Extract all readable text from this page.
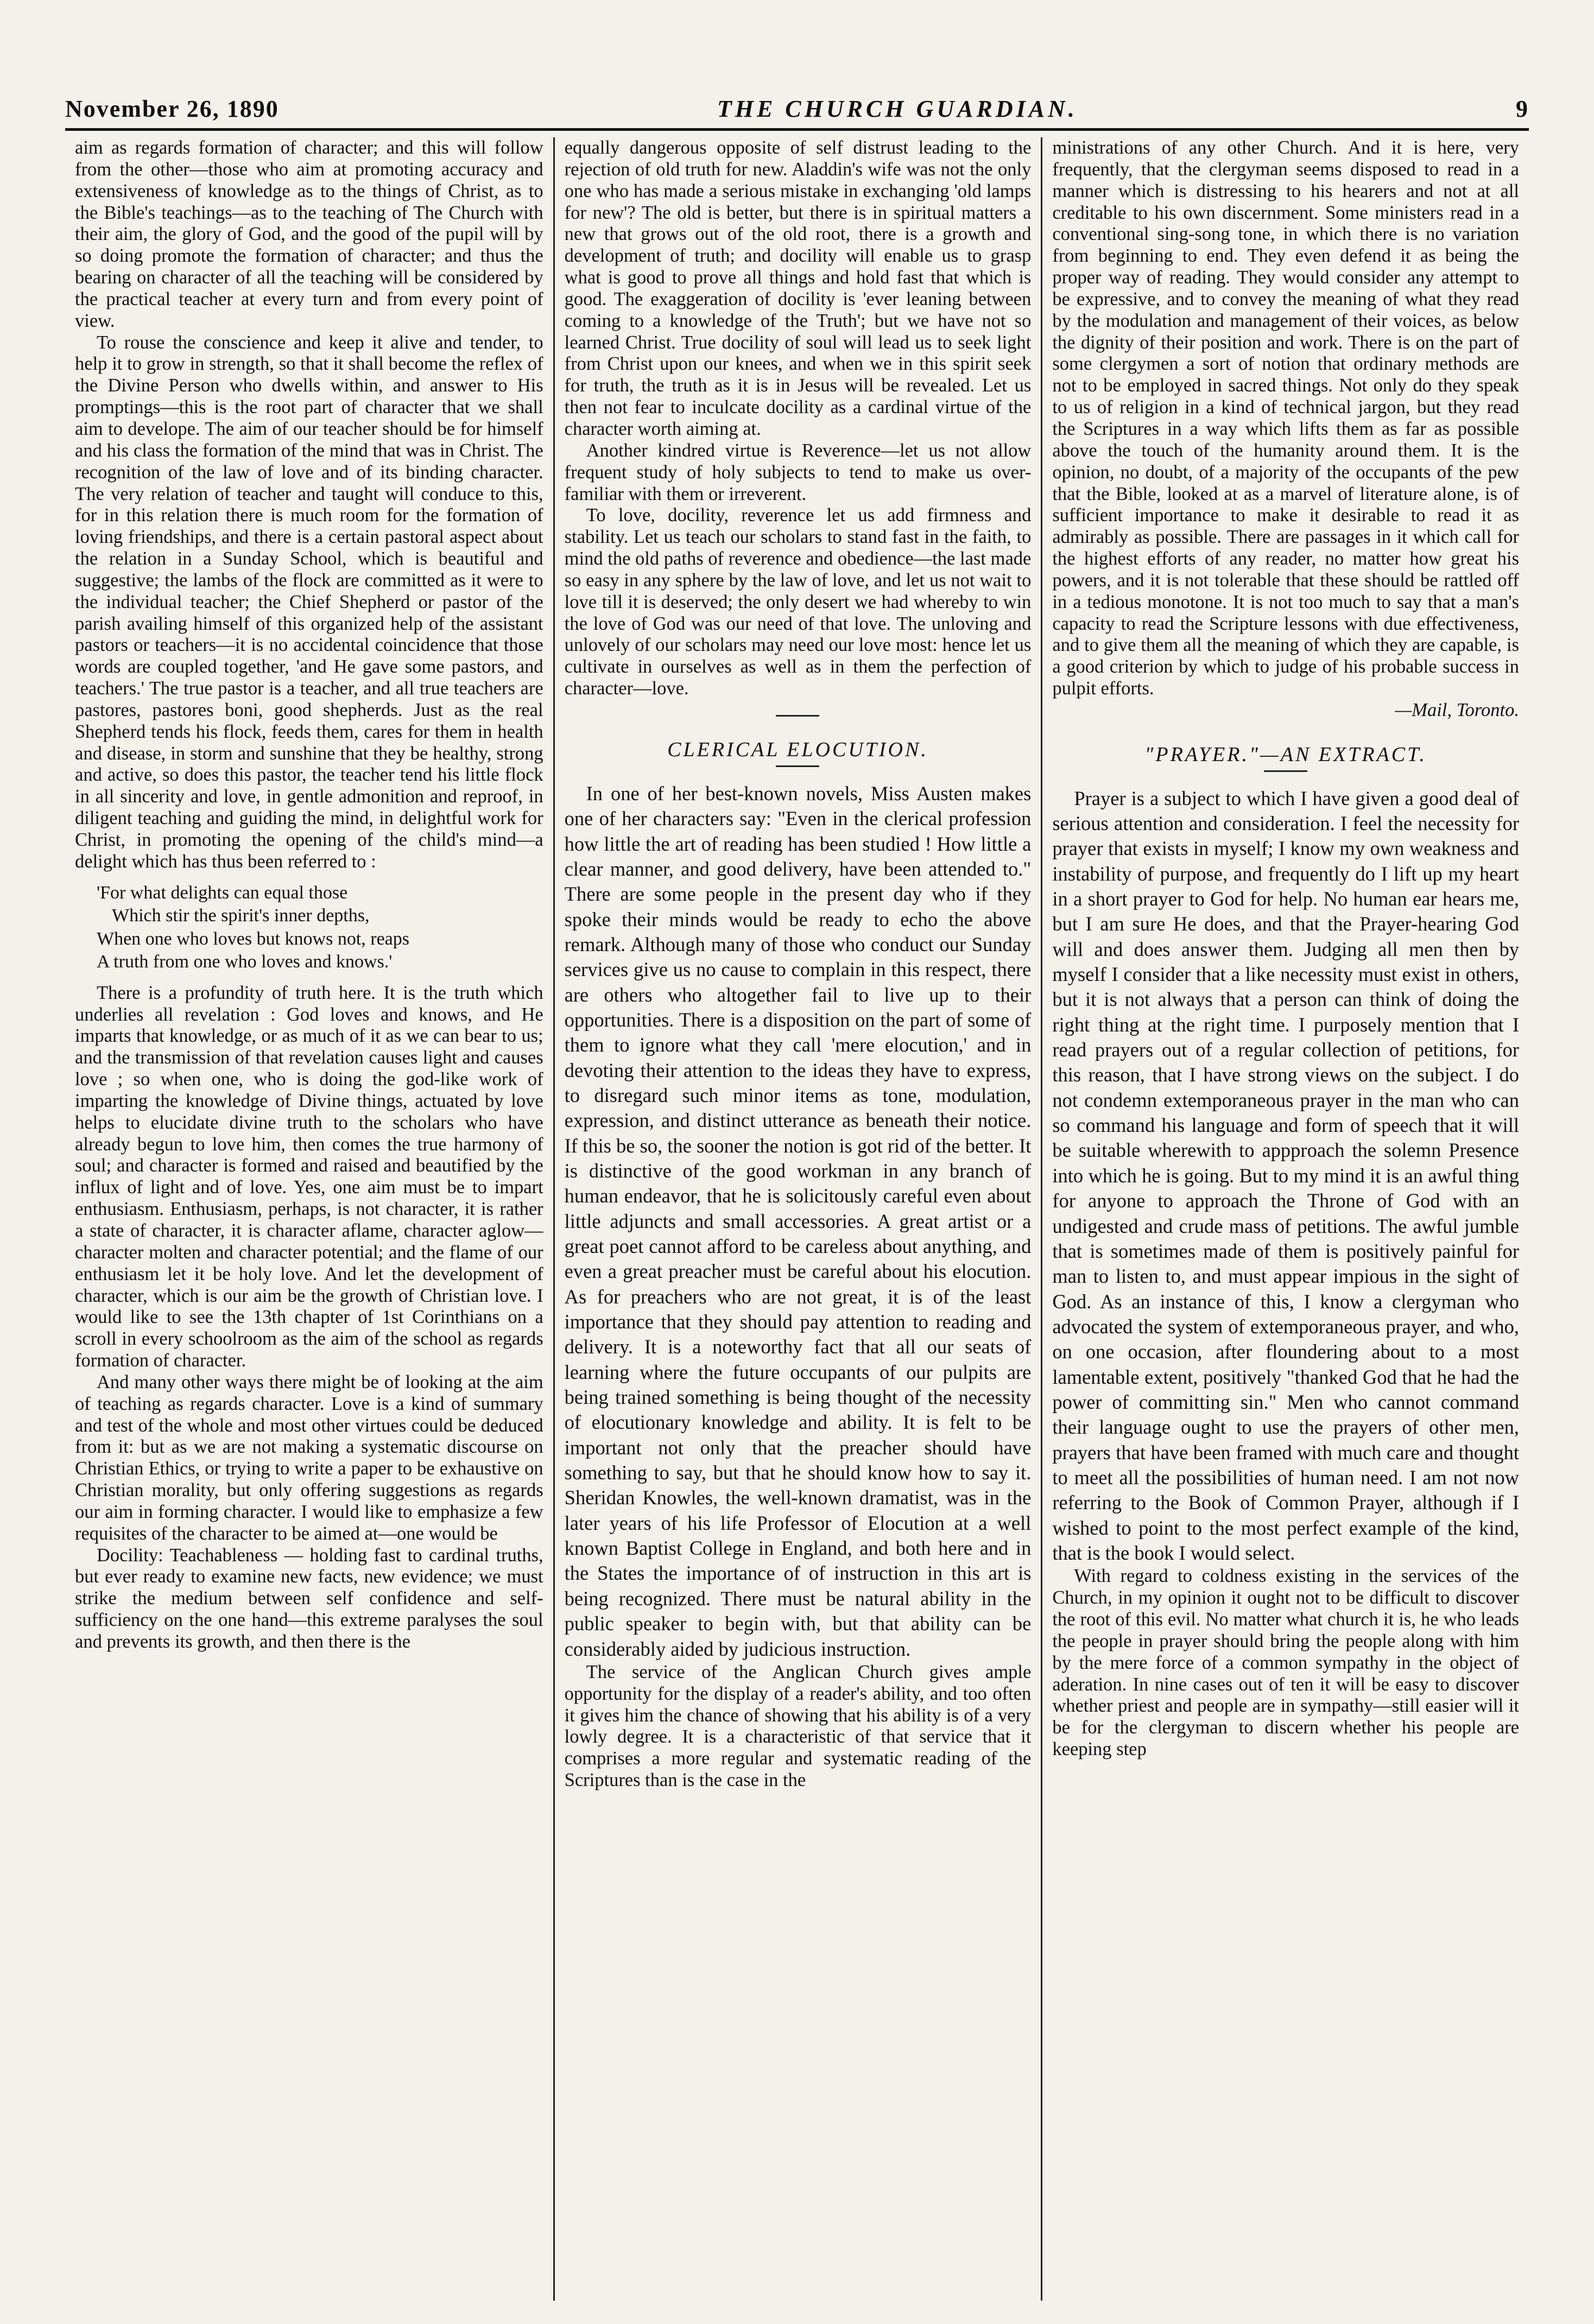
November 26, 1890	THE CHURCH GUARDIAN.	9

aim as regards formation of character; and this will follow from the other—those who aim at promoting accuracy and extensiveness of knowledge as to the things of Christ, as to the Bible's teachings—as to the teaching of The Church with their aim, the glory of God, and the good of the pupil will by so doing promote the formation of character; and thus the bearing on character of all the teaching will be considered by the practical teacher at every turn and from every point of view.

To rouse the conscience and keep it alive and tender, to help it to grow in strength, so that it shall become the reflex of the Divine Person who dwells within, and answer to His promptings—this is the root part of character that we shall aim to develope. The aim of our teacher should be for himself and his class the formation of the mind that was in Christ. The recognition of the law of love and of its binding character. The very relation of teacher and taught will conduce to this, for in this relation there is much room for the formation of loving friendships, and there is a certain pastoral aspect about the relation in a Sunday School, which is beautiful and suggestive; the lambs of the flock are committed as it were to the individual teacher; the Chief Shepherd or pastor of the parish availing himself of this organized help of the assistant pastors or teachers—it is no accidental coincidence that those words are coupled together, 'and He gave some pastors, and teachers.' The true pastor is a teacher, and all true teachers are pastores, pastores boni, good shepherds. Just as the real Shepherd tends his flock, feeds them, cares for them in health and disease, in storm and sunshine that they be healthy, strong and active, so does this pastor, the teacher tend his little flock in all sincerity and love, in gentle admonition and reproof, in diligent teaching and guiding the mind, in delightful work for Christ, in promoting the opening of the child's mind—a delight which has thus been referred to :

'For what delights can equal those
Which stir the spirit's inner depths,
When one who loves but knows not, reaps
A truth from one who loves and knows.'

There is a profundity of truth here. It is the truth which underlies all revelation : God loves and knows, and He imparts that knowledge, or as much of it as we can bear to us; and the transmission of that revelation causes light and causes love ; so when one, who is doing the god-like work of imparting the knowledge of Divine things, actuated by love helps to elucidate divine truth to the scholars who have already begun to love him, then comes the true harmony of soul; and character is formed and raised and beautified by the influx of light and of love. Yes, one aim must be to impart enthusiasm. Enthusiasm, perhaps, is not character, it is rather a state of character, it is character aflame, character aglow—character molten and character potential; and the flame of our enthusiasm let it be holy love. And let the development of character, which is our aim be the growth of Christian love. I would like to see the 13th chapter of 1st Corinthians on a scroll in every schoolroom as the aim of the school as regards formation of character.

And many other ways there might be of looking at the aim of teaching as regards character. Love is a kind of summary and test of the whole and most other virtues could be deduced from it: but as we are not making a systematic discourse on Christian Ethics, or trying to write a paper to be exhaustive on Christian morality, but only offering suggestions as regards our aim in forming character. I would like to emphasize a few requisites of the character to be aimed at—one would be

Docility: Teachableness — holding fast to cardinal truths, but ever ready to examine new facts, new evidence; we must strike the medium between self confidence and self-sufficiency on the one hand—this extreme paralyses the soul and prevents its growth, and then there is the

equally dangerous opposite of self distrust leading to the rejection of old truth for new. Aladdin's wife was not the only one who has made a serious mistake in exchanging 'old lamps for new'? The old is better, but there is in spiritual matters a new that grows out of the old root, there is a growth and development of truth; and docility will enable us to grasp what is good to prove all things and hold fast that which is good. The exaggeration of docility is 'ever leaning between coming to a knowledge of the Truth'; but we have not so learned Christ. True docility of soul will lead us to seek light from Christ upon our knees, and when we in this spirit seek for truth, the truth as it is in Jesus will be revealed. Let us then not fear to inculcate docility as a cardinal virtue of the character worth aiming at.

Another kindred virtue is Reverence—let us not allow frequent study of holy subjects to tend to make us over-familiar with them or irreverent.

To love, docility, reverence let us add firmness and stability. Let us teach our scholars to stand fast in the faith, to mind the old paths of reverence and obedience—the last made so easy in any sphere by the law of love, and let us not wait to love till it is deserved; the only desert we had whereby to win the love of God was our need of that love. The unloving and unlovely of our scholars may need our love most: hence let us cultivate in ourselves as well as in them the perfection of character—love.

CLERICAL ELOCUTION.

In one of her best-known novels, Miss Austen makes one of her characters say: "Even in the clerical profession how little the art of reading has been studied ! How little a clear manner, and good delivery, have been attended to." There are some people in the present day who if they spoke their minds would be ready to echo the above remark. Although many of those who conduct our Sunday services give us no cause to complain in this respect, there are others who altogether fail to live up to their opportunities. There is a disposition on the part of some of them to ignore what they call 'mere elocution,' and in devoting their attention to the ideas they have to express, to disregard such minor items as tone, modulation, expression, and distinct utterance as beneath their notice. If this be so, the sooner the notion is got rid of the better. It is distinctive of the good workman in any branch of human endeavor, that he is solicitously careful even about little adjuncts and small accessories. A great artist or a great poet cannot afford to be careless about anything, and even a great preacher must be careful about his elocution. As for preachers who are not great, it is of the least importance that they should pay attention to reading and delivery. It is a noteworthy fact that all our seats of learning where the future occupants of our pulpits are being trained something is being thought of the necessity of elocutionary knowledge and ability. It is felt to be important not only that the preacher should have something to say, but that he should know how to say it. Sheridan Knowles, the well-known dramatist, was in the later years of his life Professor of Elocution at a well known Baptist College in England, and both here and in the States the importance of of instruction in this art is being recognized. There must be natural ability in the public speaker to begin with, but that ability can be considerably aided by judicious instruction.

The service of the Anglican Church gives ample opportunity for the display of a reader's ability, and too often it gives him the chance of showing that his ability is of a very lowly degree. It is a characteristic of that service that it comprises a more regular and systematic reading of the Scriptures than is the case in the

ministrations of any other Church. And it is here, very frequently, that the clergyman seems disposed to read in a manner which is distressing to his hearers and not at all creditable to his own discernment. Some ministers read in a conventional sing-song tone, in which there is no variation from beginning to end. They even defend it as being the proper way of reading. They would consider any attempt to be expressive, and to convey the meaning of what they read by the modulation and management of their voices, as below the dignity of their position and work. There is on the part of some clergymen a sort of notion that ordinary methods are not to be employed in sacred things. Not only do they speak to us of religion in a kind of technical jargon, but they read the Scriptures in a way which lifts them as far as possible above the touch of the humanity around them. It is the opinion, no doubt, of a majority of the occupants of the pew that the Bible, looked at as a marvel of literature alone, is of sufficient importance to make it desirable to read it as admirably as possible. There are passages in it which call for the highest efforts of any reader, no matter how great his powers, and it is not tolerable that these should be rattled off in a tedious monotone. It is not too much to say that a man's capacity to read the Scripture lessons with due effectiveness, and to give them all the meaning of which they are capable, is a good criterion by which to judge of his probable success in pulpit efforts.

—Mail, Toronto.

"PRAYER."—AN EXTRACT.

Prayer is a subject to which I have given a good deal of serious attention and consideration. I feel the necessity for prayer that exists in myself; I know my own weakness and instability of purpose, and frequently do I lift up my heart in a short prayer to God for help. No human ear hears me, but I am sure He does, and that the Prayer-hearing God will and does answer them. Judging all men then by myself I consider that a like necessity must exist in others, but it is not always that a person can think of doing the right thing at the right time. I purposely mention that I read prayers out of a regular collection of petitions, for this reason, that I have strong views on the subject. I do not condemn extemporaneous prayer in the man who can so command his language and form of speech that it will be suitable wherewith to appproach the solemn Presence into which he is going. But to my mind it is an awful thing for anyone to approach the Throne of God with an undigested and crude mass of petitions. The awful jumble that is sometimes made of them is positively painful for man to listen to, and must appear impious in the sight of God. As an instance of this, I know a clergyman who advocated the system of extemporaneous prayer, and who, on one occasion, after floundering about to a most lamentable extent, positively "thanked God that he had the power of committing sin." Men who cannot command their language ought to use the prayers of other men, prayers that have been framed with much care and thought to meet all the possibilities of human need. I am not now referring to the Book of Common Prayer, although if I wished to point to the most perfect example of the kind, that is the book I would select.

With regard to coldness existing in the services of the Church, in my opinion it ought not to be difficult to discover the root of this evil. No matter what church it is, he who leads the people in prayer should bring the people along with him by the mere force of a common sympathy in the object of aderation. In nine cases out of ten it will be easy to discover whether priest and people are in sympathy—still easier will it be for the clergyman to discern whether his people are keeping step
